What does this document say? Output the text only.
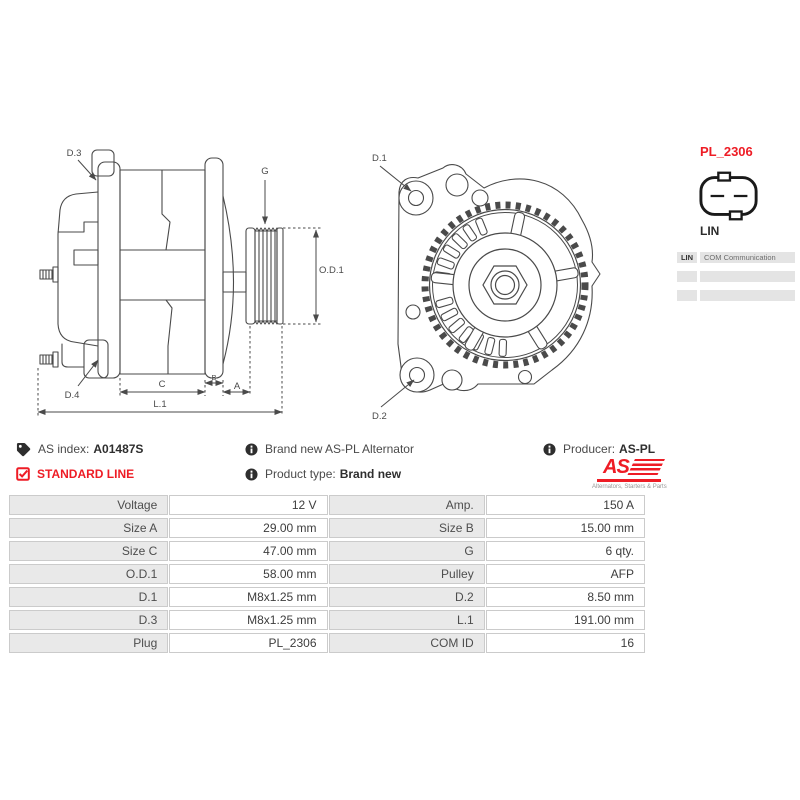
D.3
G
O.D.1
D.4
C
B
A
L.1
D.1
D.2
PL_2306
LIN
LIN	COM Communication
AS index: A01487S	Brand new AS-PL Alternator	Producer: AS-PL
STANDARD LINE	Product type: Brand new	AS
Alternators, Starters & Parts
Voltage	12 V	Amp.	150 A
Size A	29.00 mm	Size B	15.00 mm
Size C	47.00 mm	G	6 qty.
O.D.1	58.00 mm	Pulley	AFP
D.1	M8x1.25 mm	D.2	8.50 mm
D.3	M8x1.25 mm	L.1	191.00 mm
Plug	PL_2306	COM ID	16
